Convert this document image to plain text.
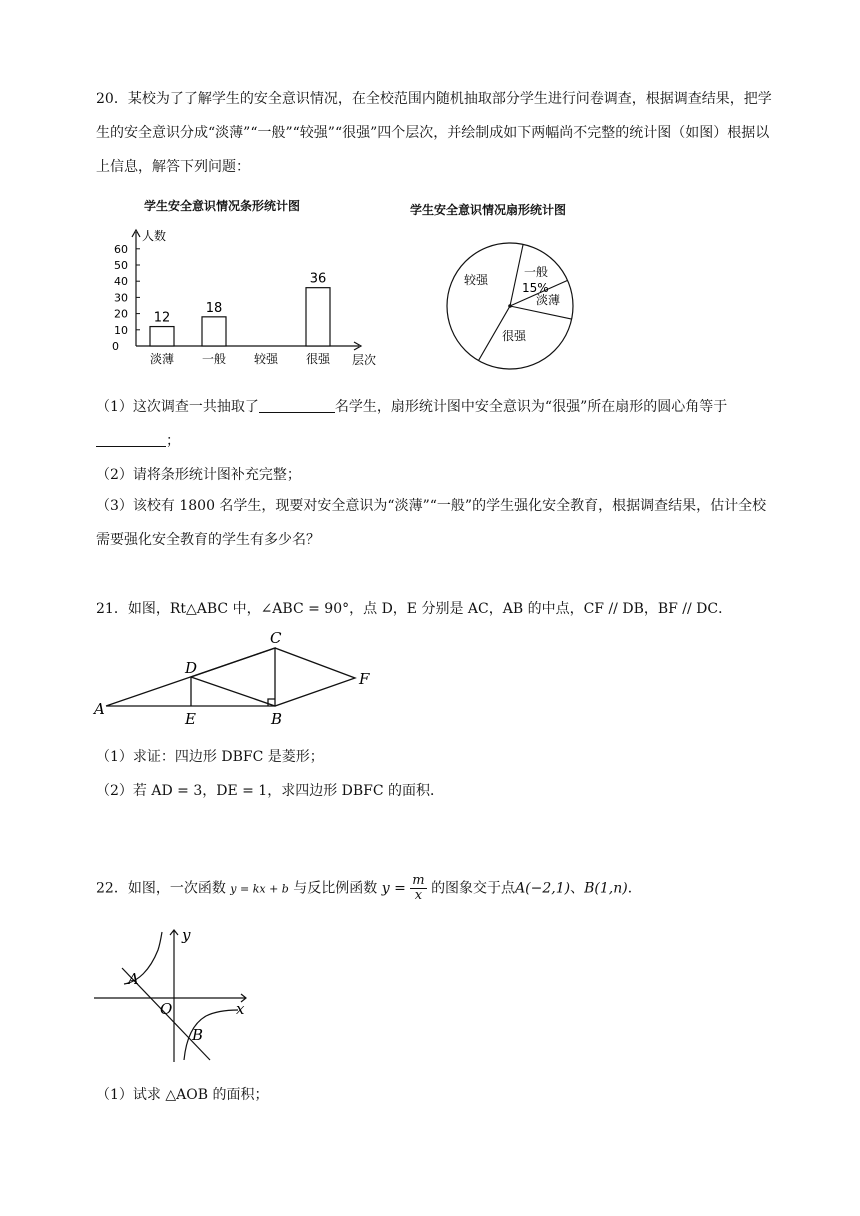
20．某校为了了解学生的安全意识情况，在全校范围内随机抽取部分学生进行问卷调查，根据调查结果，把学生的安全意识分成“淡薄”“一般”“较强”“很强”四个层次，并绘制成如下两幅尚不完整的统计图（如图）根据以上信息，解答下列问题：
学生安全意识情况条形统计图	学生安全意识情况扇形统计图
人数
层次
0
10
20
30
40
50
60
12
淡薄
18
一般 较强
36
很强
一般
淡薄
很强
较强
15%
（1）这次调查一共抽取了	名学生，扇形统计图中安全意识为“很强”所在扇形的圆心角等于
；
（2）请将条形统计图补充完整；
（3）该校有 1800 名学生，现要对安全意识为“淡薄”“一般”的学生强化安全教育，根据调查结果，估计全校需要强化安全教育的学生有多少名？
21．如图，Rt△ABC 中，∠ABC = 90°，点 D，E 分别是 AC，AB 的中点，CF // DB，BF // DC．
A
B
C
D
E
F
（1）求证：四边形 DBFC 是菱形；
（2）若 AD = 3，DE = 1，求四边形 DBFC 的面积．
22．如图，一次函数 y = kx + b 与反比例函数 $y = \frac{m}{x}$ 的图象交于点A(−2,1)、B(1,n)．
y
x
A
O
B
（1）试求 △AOB 的面积；
